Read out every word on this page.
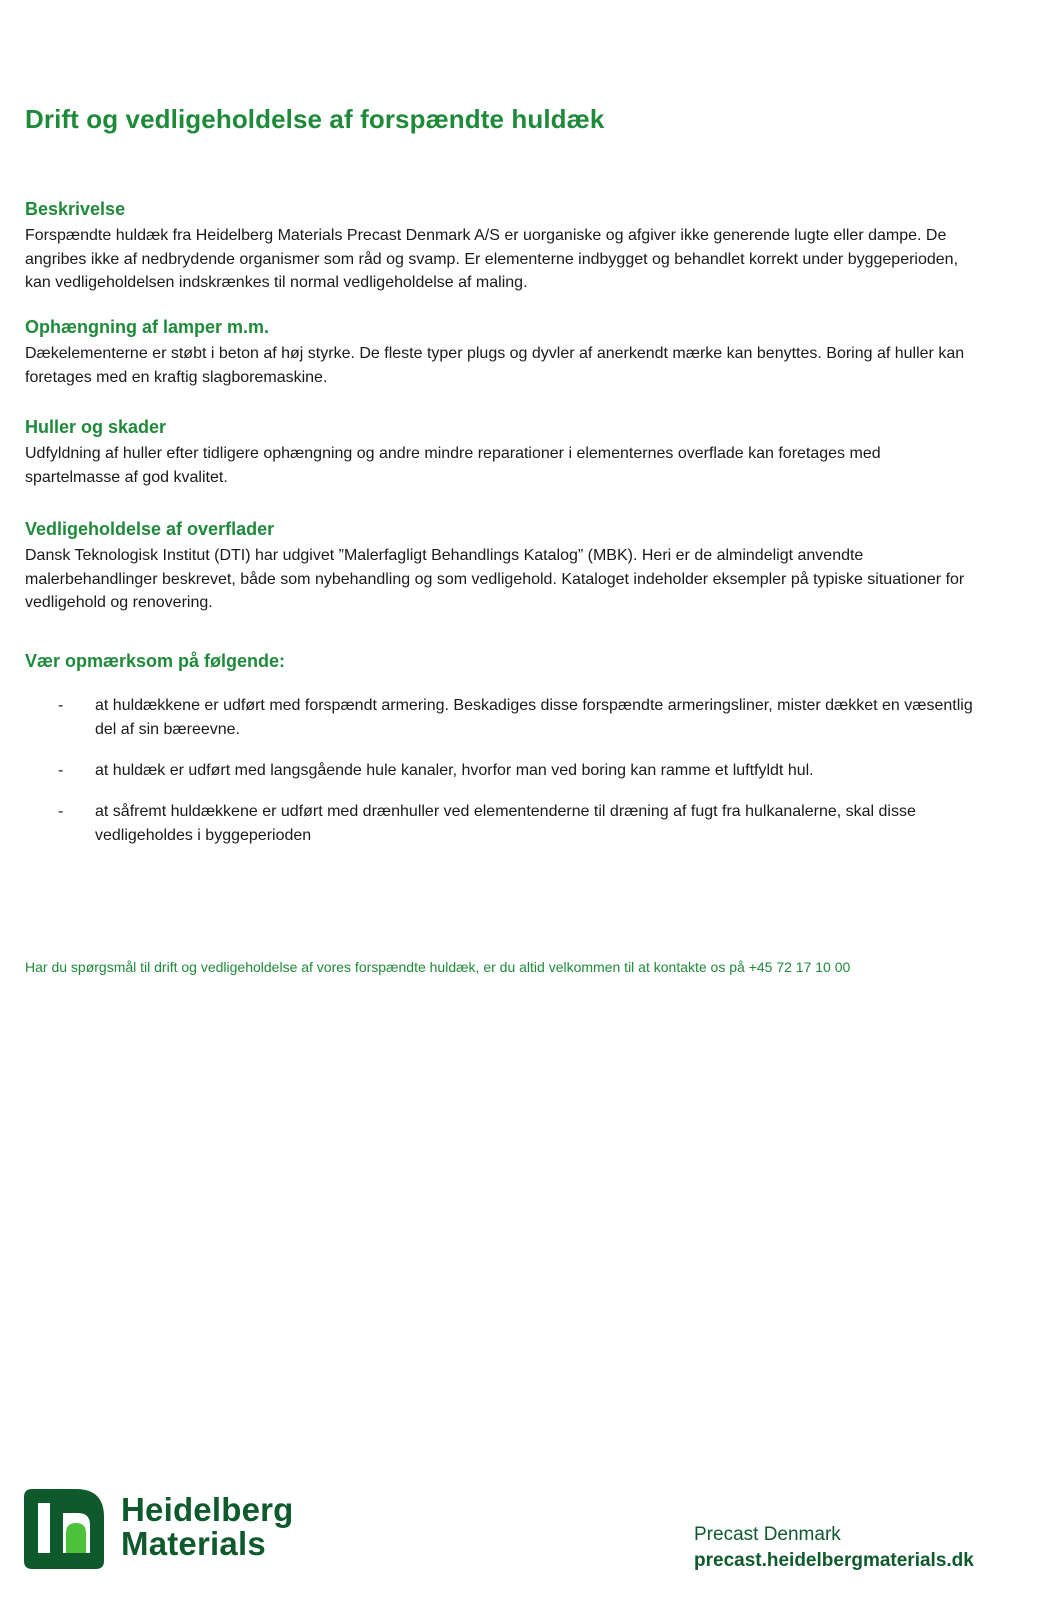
Drift og vedligeholdelse af forspændte huldæk
Beskrivelse

Forspændte huldæk fra Heidelberg Materials Precast Denmark A/S er uorganiske og afgiver ikke generende lugte eller dampe. De angribes ikke af nedbrydende organismer som råd og svamp. Er elementerne indbygget og behandlet korrekt under byggeperioden, kan vedligeholdelsen indskrænkes til normal vedligeholdelse af maling.

Ophængning af lamper m.m.

Dækelementerne er støbt i beton af høj styrke. De fleste typer plugs og dyvler af anerkendt mærke kan benyttes. Boring af huller kan foretages med en kraftig slagboremaskine.

Huller og skader

Udfyldning af huller efter tidligere ophængning og andre mindre reparationer i elementernes overflade kan foretages med spartelmasse af god kvalitet.

Vedligeholdelse af overflader

Dansk Teknologisk Institut (DTI) har udgivet ”Malerfagligt Behandlings Katalog” (MBK). Heri er de almindeligt anvendte malerbehandlinger beskrevet, både som nybehandling og som vedligehold. Kataloget indeholder eksempler på typiske situationer for vedligehold og renovering.

Vær opmærksom på følgende:
- at huldækkene er udført med forspændt armering. Beskadiges disse forspændte armeringsliner, mister dækket en væsentlig del af sin bæreevne.
- at huldæk er udført med langsgående hule kanaler, hvorfor man ved boring kan ramme et luftfyldt hul.
- at såfremt huldækkene er udført med drænhuller ved elementenderne til dræning af fugt fra hulkanalerne, skal disse vedligeholdes i byggeperioden

Har du spørgsmål til drift og vedligeholdelse af vores forspændte huldæk, er du altid velkommen til at kontakte os på +45 72 17 10 00

Heidelberg
Materials	Precast Denmark
precast.heidelbergmaterials.dk
